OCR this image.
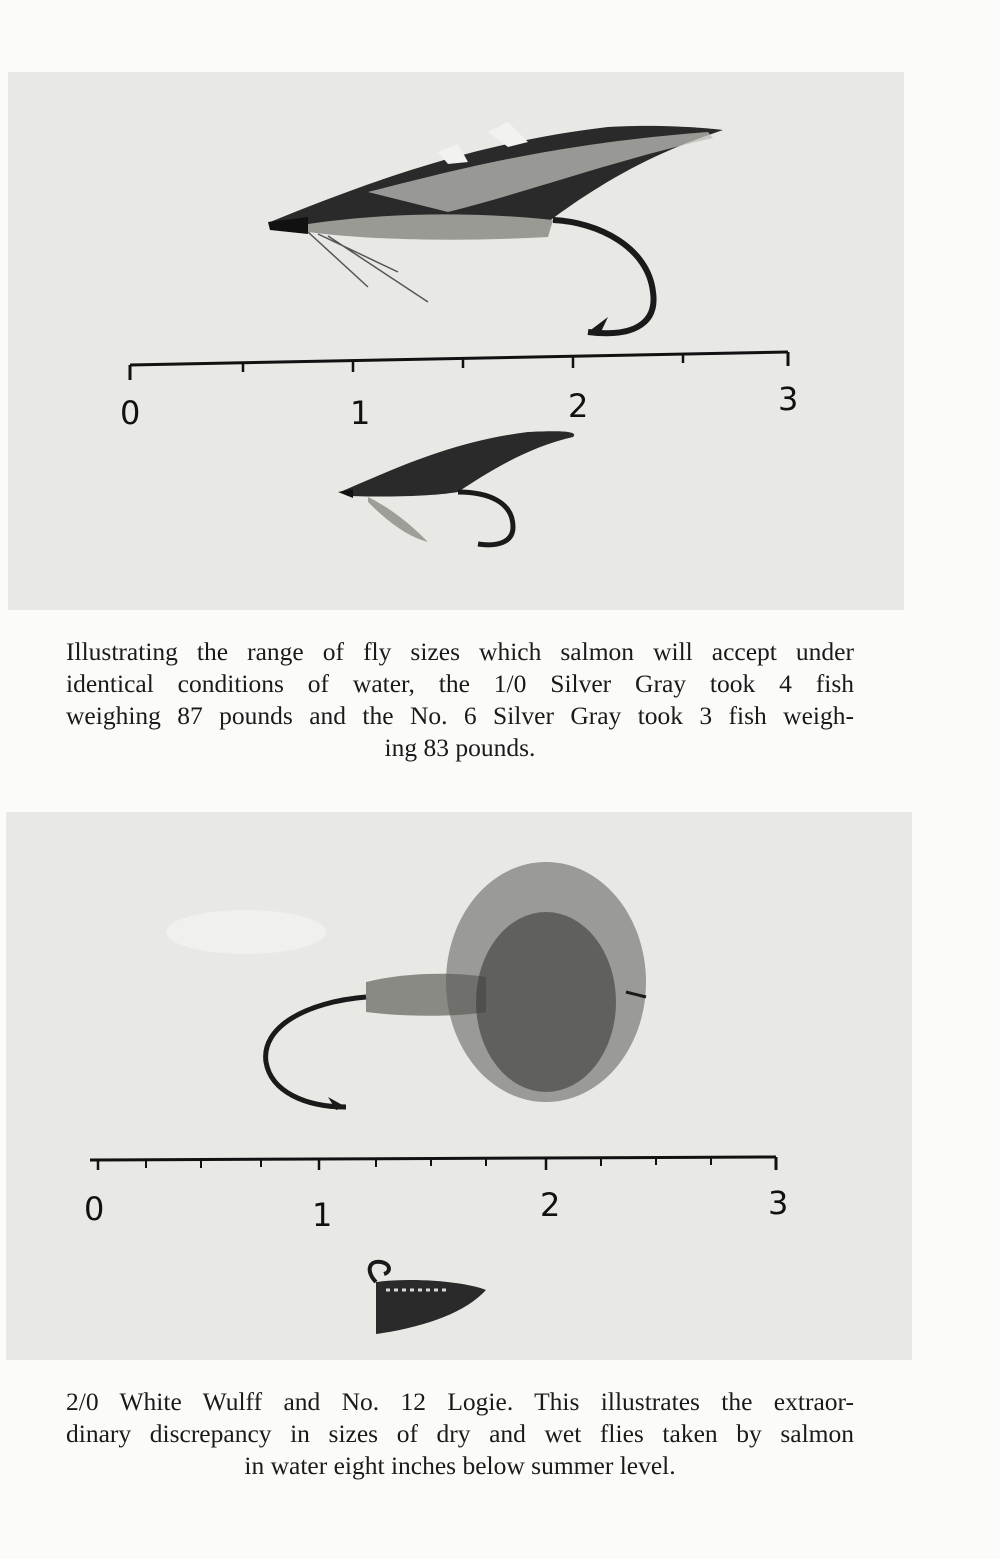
0	1	2	3
Illustrating the range of fly sizes which salmon will accept under
identical conditions of water, the 1/0 Silver Gray took 4 fish
weighing 87 pounds and the No. 6 Silver Gray took 3 fish weigh-
ing 83 pounds.
0	1	2	3
2/0 White Wulff and No. 12 Logie. This illustrates the extraor-
dinary discrepancy in sizes of dry and wet flies taken by salmon
in water eight inches below summer level.
